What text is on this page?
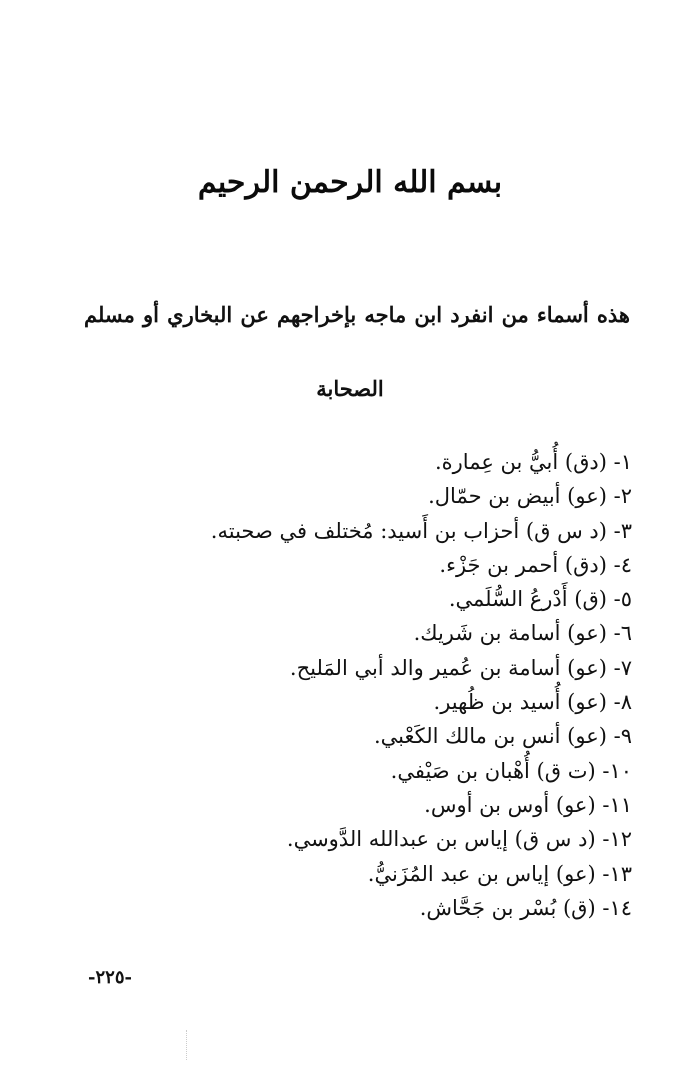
بسم الله الرحمن الرحيم
هذه أسماء من انفرد ابن ماجه بإخراجهم عن البخاري أو مسلم
الصحابة
١- (دق) أُبيُّ بن عِمارة.
٢- (عو) أبيض بن حمّال.
٣- (د س ق) أحزاب بن أَسيد: مُختلف في صحبته.
٤- (دق) أحمر بن جَزْء.
٥- (ق) أَدْرعُ السُّلَمي.
٦- (عو) أسامة بن شَريك.
٧- (عو) أسامة بن عُمير والد أبي المَليح.
٨- (عو) أُسيد بن ظُهير.
٩- (عو) أنس بن مالك الكَعْبي.
١٠- (ت ق) أُهْبان بن صَيْفي.
١١- (عو) أوس بن أوس.
١٢- (د س ق) إياس بن عبدالله الدَّوسي.
١٣- (عو) إياس بن عبد المُزَنيُّ.
١٤- (ق) بُسْر بن جَحَّاش.
-٢٢٥-
